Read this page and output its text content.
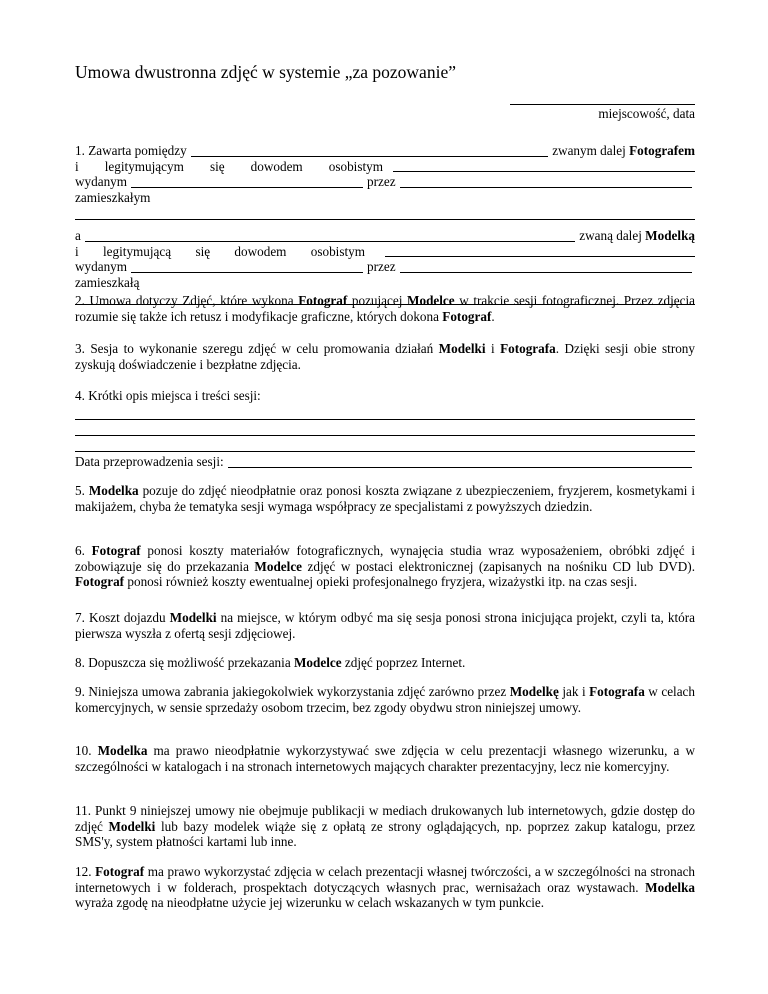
Umowa dwustronna zdjęć w systemie „za pozowanie”
miejscowość, data
1.
Zawarta pomiędzy	zwanym dalej
Fotografem
i legitymującym się dowodem osobistym
wydanym	przez
zamieszkałym
a	zwaną dalej
Modelką
i legitymującą się dowodem osobistym
wydanym	przez
zamieszkałą
2. Umowa dotyczy Zdjęć, które wykona Fotograf pozującej Modelce w trakcie sesji fotograficznej. Przez zdjęcia rozumie się także ich retusz i modyfikacje graficzne, których dokona Fotograf.
3. Sesja to wykonanie szeregu zdjęć w celu promowania działań Modelki i Fotografa. Dzięki sesji obie strony zyskują doświadczenie i bezpłatne zdjęcia.
4. Krótki opis miejsca i treści sesji:
Data przeprowadzenia sesji:
5. Modelka pozuje do zdjęć nieodpłatnie oraz ponosi koszta związane z ubezpieczeniem, fryzjerem, kosmetykami i makijażem, chyba że tematyka sesji wymaga współpracy ze specjalistami z powyższych dziedzin.
6. Fotograf ponosi koszty materiałów fotograficznych, wynajęcia studia wraz wyposażeniem, obróbki zdjęć i zobowiązuje się do przekazania Modelce zdjęć w postaci elektronicznej (zapisanych na nośniku CD lub DVD). Fotograf ponosi również koszty ewentualnej opieki profesjonalnego fryzjera, wizażystki itp. na czas sesji.
7. Koszt dojazdu Modelki na miejsce, w którym odbyć ma się sesja ponosi strona inicjująca projekt, czyli ta, która pierwsza wyszła z ofertą sesji zdjęciowej.
8. Dopuszcza się możliwość przekazania Modelce zdjęć poprzez Internet.
9. Niniejsza umowa zabrania jakiegokolwiek wykorzystania zdjęć zarówno przez Modelkę jak i Fotografa w celach komercyjnych, w sensie sprzedaży osobom trzecim, bez zgody obydwu stron niniejszej umowy.
10. Modelka ma prawo nieodpłatnie wykorzystywać swe zdjęcia w celu prezentacji własnego wizerunku, a w szczególności w katalogach i na stronach internetowych mających charakter prezentacyjny, lecz nie komercyjny.
11. Punkt 9 niniejszej umowy nie obejmuje publikacji w mediach drukowanych lub internetowych, gdzie dostęp do zdjęć Modelki lub bazy modelek wiąże się z opłatą ze strony oglądających, np. poprzez zakup katalogu, przez SMS'y, system płatności kartami lub inne.
12. Fotograf ma prawo wykorzystać zdjęcia w celach prezentacji własnej twórczości, a w szczególności na stronach internetowych i w folderach, prospektach dotyczących własnych prac, wernisażach oraz wystawach. Modelka wyraża zgodę na nieodpłatne użycie jej wizerunku w celach wskazanych w tym punkcie.
